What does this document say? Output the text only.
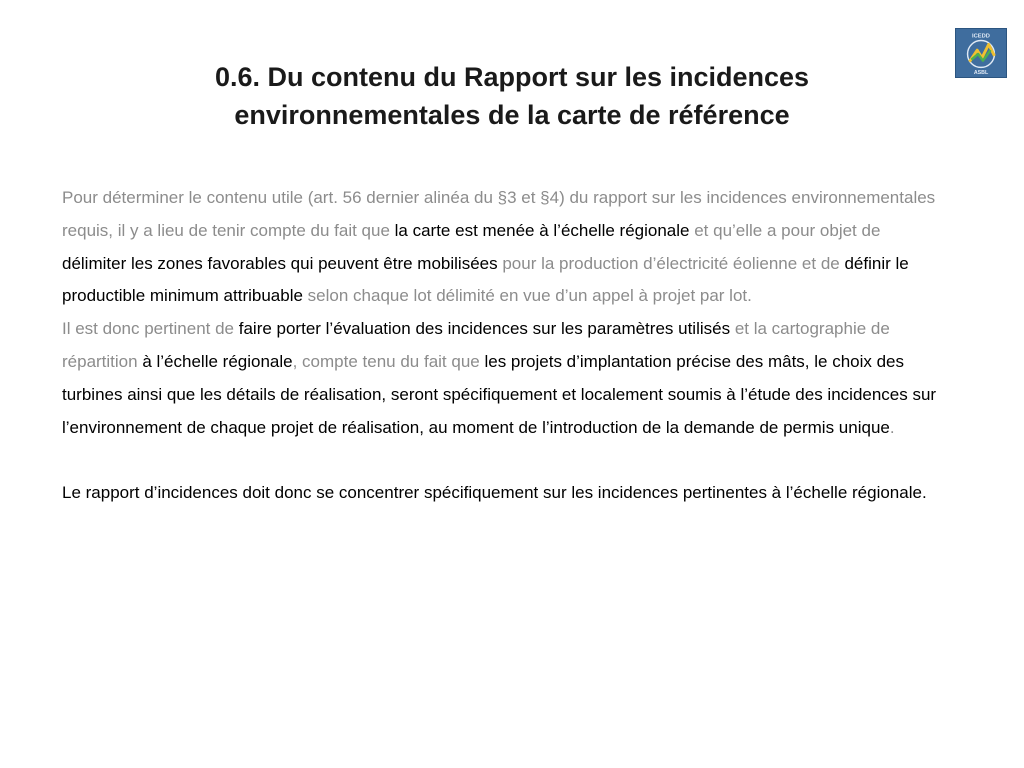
ICEDD
ASBL
0.6. Du contenu du Rapport sur les incidences
environnementales de la carte de référence

Pour déterminer le contenu utile (art. 56 dernier alinéa du §3 et §4) du rapport sur les incidences environnementales requis, il y a lieu de tenir compte du fait que la carte est menée à l’échelle régionale et qu’elle a pour objet de délimiter les zones favorables qui peuvent être mobilisées pour la production d’électricité éolienne et de définir le productible minimum attribuable selon chaque lot délimité en vue d’un appel à projet par lot.

Il est donc pertinent de faire porter l’évaluation des incidences sur les paramètres utilisés et la cartographie de répartition à l’échelle régionale, compte tenu du fait que les projets d’implantation précise des mâts, le choix des turbines ainsi que les détails de réalisation, seront spécifiquement et localement soumis à l’étude des incidences sur l’environnement de chaque projet de réalisation, au moment de l’introduction de la demande de permis unique.

Le rapport d’incidences doit donc se concentrer spécifiquement sur les incidences pertinentes à l’échelle régionale.
